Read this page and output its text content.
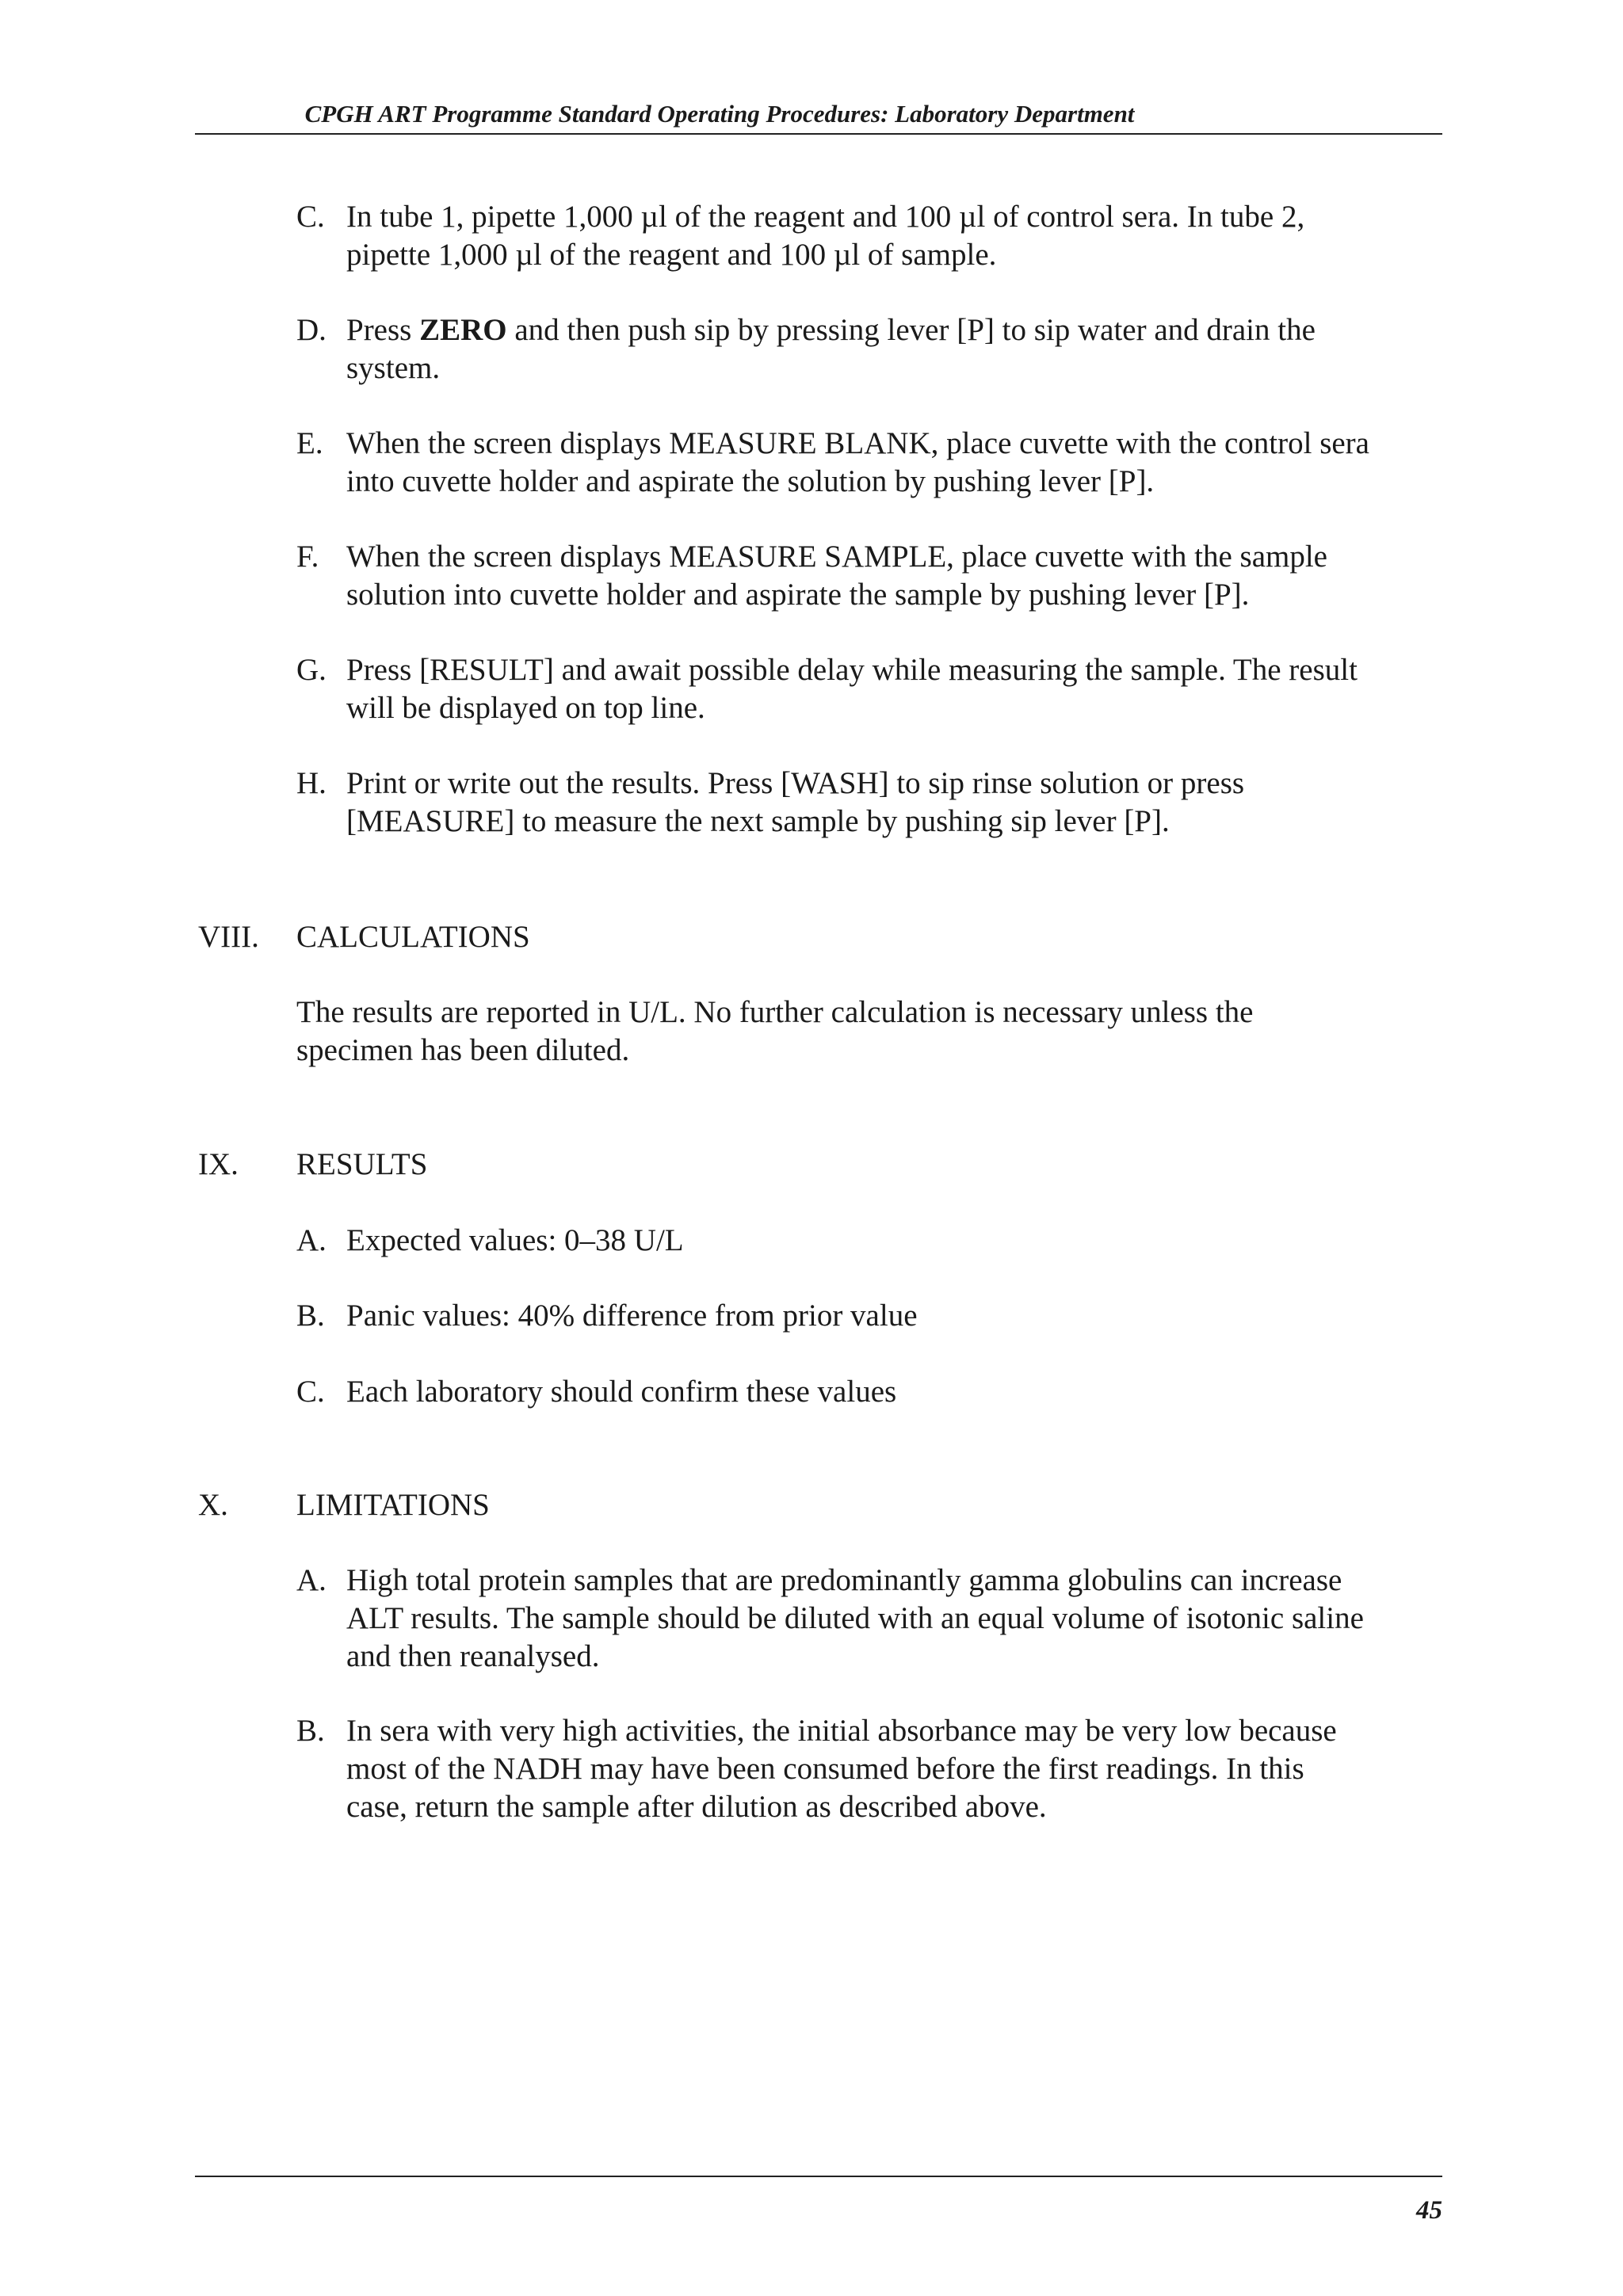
CPGH ART Programme Standard Operating Procedures: Laboratory Department
C. In tube 1, pipette 1,000 µl of the reagent and 100 µl of control sera. In tube 2,
pipette 1,000 µl of the reagent and 100 µl of sample.
D. Press ZERO and then push sip by pressing lever [P] to sip water and drain the
system.
E. When the screen displays MEASURE BLANK, place cuvette with the control sera
into cuvette holder and aspirate the solution by pushing lever [P].
F. When the screen displays MEASURE SAMPLE, place cuvette with the sample
solution into cuvette holder and aspirate the sample by pushing lever [P].
G. Press [RESULT] and await possible delay while measuring the sample. The result
will be displayed on top line.
H. Print or write out the results. Press [WASH] to sip rinse solution or press
[MEASURE] to measure the next sample by pushing sip lever [P].
VIII. CALCULATIONS
The results are reported in U/L. No further calculation is necessary unless the
specimen has been diluted.
IX. RESULTS
A. Expected values: 0–38 U/L
B. Panic values: 40% difference from prior value
C. Each laboratory should confirm these values
X. LIMITATIONS
A. High total protein samples that are predominantly gamma globulins can increase
ALT results. The sample should be diluted with an equal volume of isotonic saline
and then reanalysed.
B. In sera with very high activities, the initial absorbance may be very low because
most of the NADH may have been consumed before the first readings. In this
case, return the sample after dilution as described above.
45
